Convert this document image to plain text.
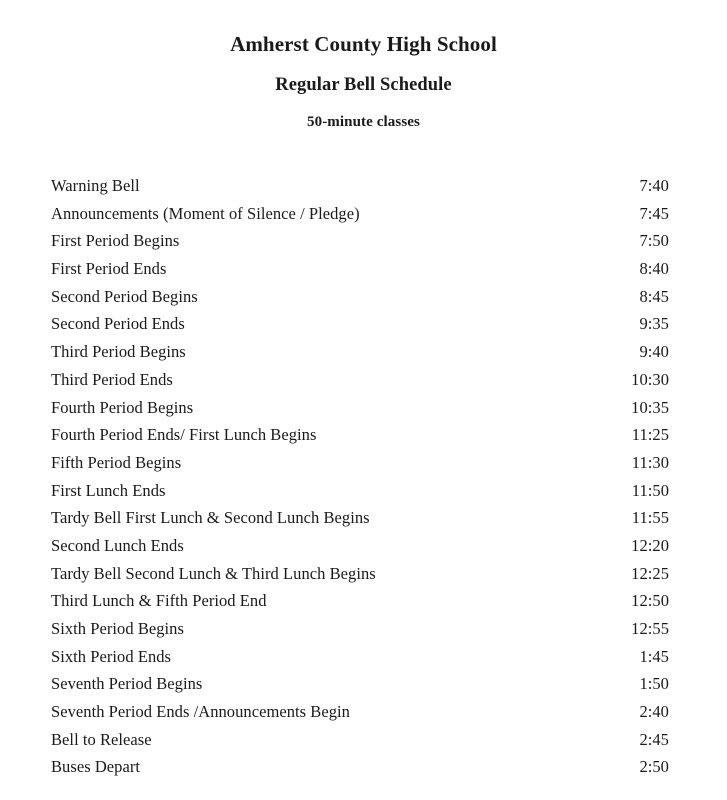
Amherst County High School
Regular Bell Schedule
50-minute classes
Warning Bell	7:40
Announcements (Moment of Silence / Pledge)	7:45
First Period Begins	7:50
First Period Ends	8:40
Second Period Begins	8:45
Second Period Ends	9:35
Third Period Begins	9:40
Third Period Ends	10:30
Fourth Period Begins	10:35
Fourth Period Ends/ First Lunch Begins	11:25
Fifth Period Begins	11:30
First Lunch Ends	11:50
Tardy Bell First Lunch & Second Lunch Begins	11:55
Second Lunch Ends	12:20
Tardy Bell Second Lunch & Third Lunch Begins	12:25
Third Lunch & Fifth Period End	12:50
Sixth Period Begins	12:55
Sixth Period Ends	1:45
Seventh Period Begins	1:50
Seventh Period Ends /Announcements Begin	2:40
Bell to Release	2:45
Buses Depart	2:50
